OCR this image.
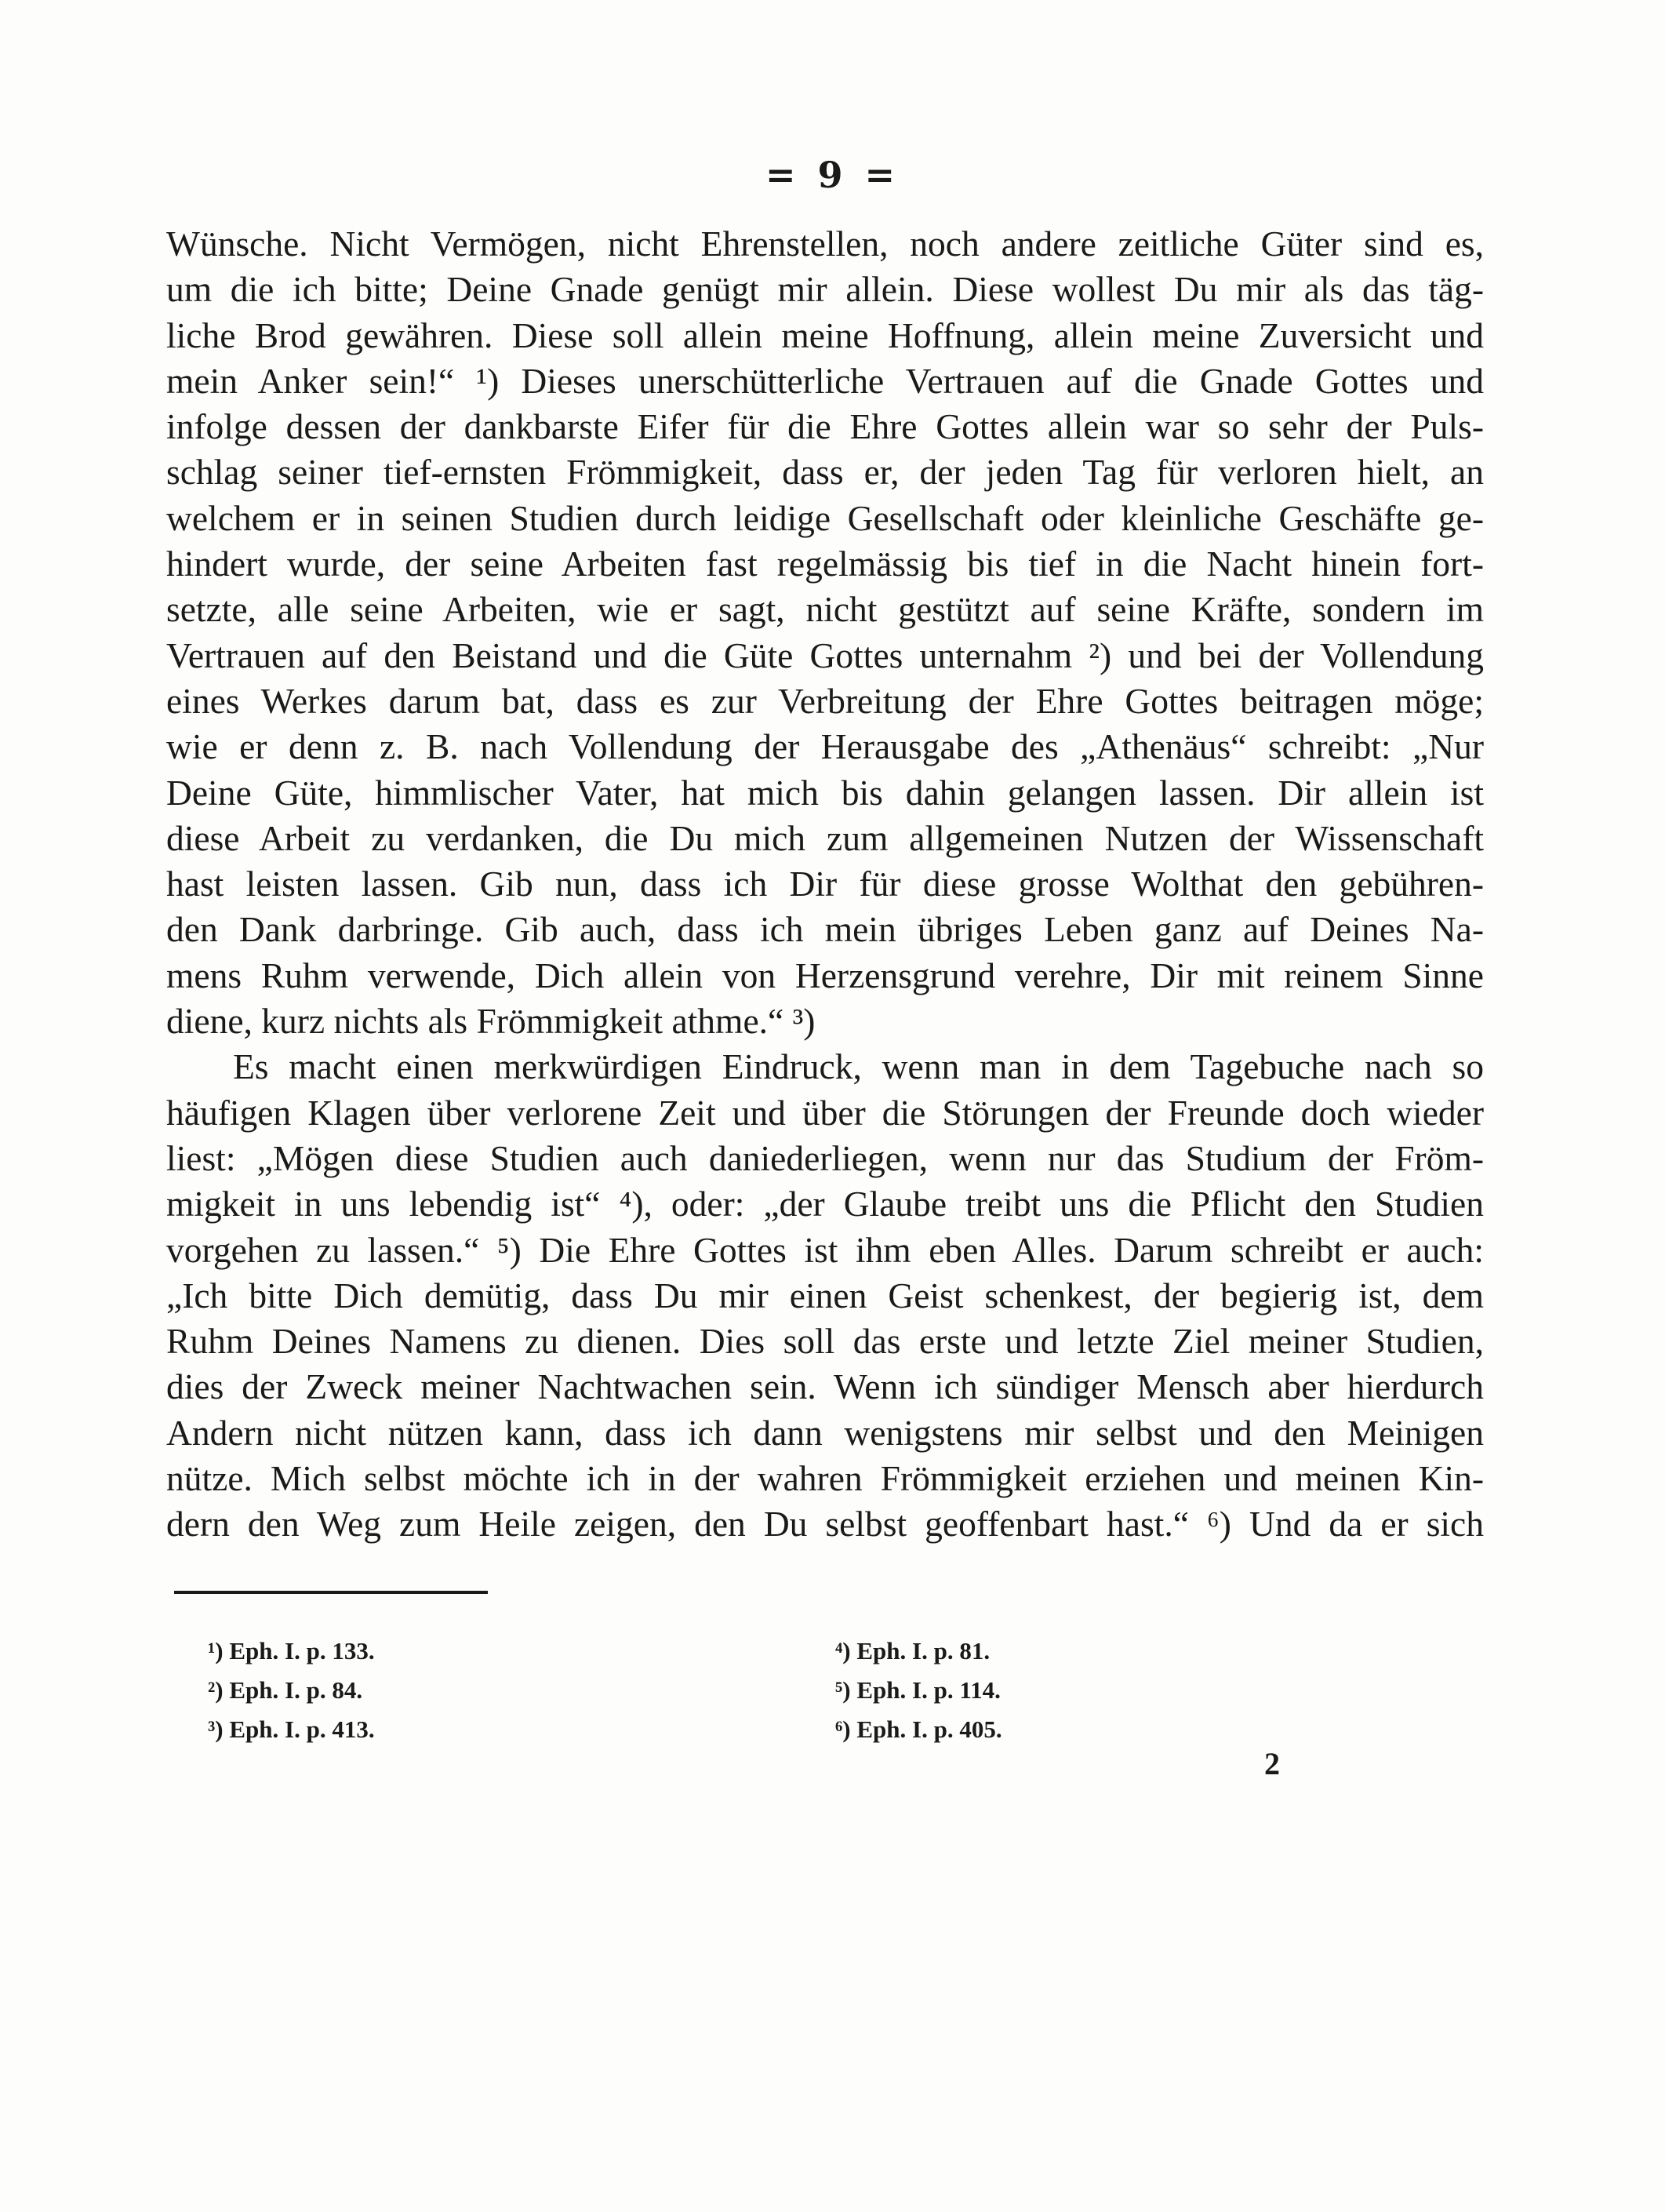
= 9 =
Wünsche. Nicht Vermögen, nicht Ehrenstellen, noch andere zeitliche Güter sind es,
um die ich bitte; Deine Gnade genügt mir allein. Diese wollest Du mir als das täg-
liche Brod gewähren. Diese soll allein meine Hoffnung, allein meine Zuversicht und
mein Anker sein!“ ¹) Dieses unerschütterliche Vertrauen auf die Gnade Gottes und
infolge dessen der dankbarste Eifer für die Ehre Gottes allein war so sehr der Puls-
schlag seiner tief-ernsten Frömmigkeit, dass er, der jeden Tag für verloren hielt, an
welchem er in seinen Studien durch leidige Gesellschaft oder kleinliche Geschäfte ge-
hindert wurde, der seine Arbeiten fast regelmässig bis tief in die Nacht hinein fort-
setzte, alle seine Arbeiten, wie er sagt, nicht gestützt auf seine Kräfte, sondern im
Vertrauen auf den Beistand und die Güte Gottes unternahm ²) und bei der Vollendung
eines Werkes darum bat, dass es zur Verbreitung der Ehre Gottes beitragen möge;
wie er denn z. B. nach Vollendung der Herausgabe des „Athenäus“ schreibt: „Nur
Deine Güte, himmlischer Vater, hat mich bis dahin gelangen lassen. Dir allein ist
diese Arbeit zu verdanken, die Du mich zum allgemeinen Nutzen der Wissenschaft
hast leisten lassen. Gib nun, dass ich Dir für diese grosse Wolthat den gebühren-
den Dank darbringe. Gib auch, dass ich mein übriges Leben ganz auf Deines Na-
mens Ruhm verwende, Dich allein von Herzensgrund verehre, Dir mit reinem Sinne
diene, kurz nichts als Frömmigkeit athme.“ ³)
Es macht einen merkwürdigen Eindruck, wenn man in dem Tagebuche nach so
häufigen Klagen über verlorene Zeit und über die Störungen der Freunde doch wieder
liest: „Mögen diese Studien auch daniederliegen, wenn nur das Studium der Fröm-
migkeit in uns lebendig ist“ ⁴), oder: „der Glaube treibt uns die Pflicht den Studien
vorgehen zu lassen.“ ⁵) Die Ehre Gottes ist ihm eben Alles. Darum schreibt er auch:
„Ich bitte Dich demütig, dass Du mir einen Geist schenkest, der begierig ist, dem
Ruhm Deines Namens zu dienen. Dies soll das erste und letzte Ziel meiner Studien,
dies der Zweck meiner Nachtwachen sein. Wenn ich sündiger Mensch aber hierdurch
Andern nicht nützen kann, dass ich dann wenigstens mir selbst und den Meinigen
nütze. Mich selbst möchte ich in der wahren Frömmigkeit erziehen und meinen Kin-
dern den Weg zum Heile zeigen, den Du selbst geoffenbart hast.“ ⁶) Und da er sich
¹) Eph. I. p. 133.
²) Eph. I. p. 84.
³) Eph. I. p. 413.
⁴) Eph. I. p. 81.
⁵) Eph. I. p. 114.
⁶) Eph. I. p. 405.
2
